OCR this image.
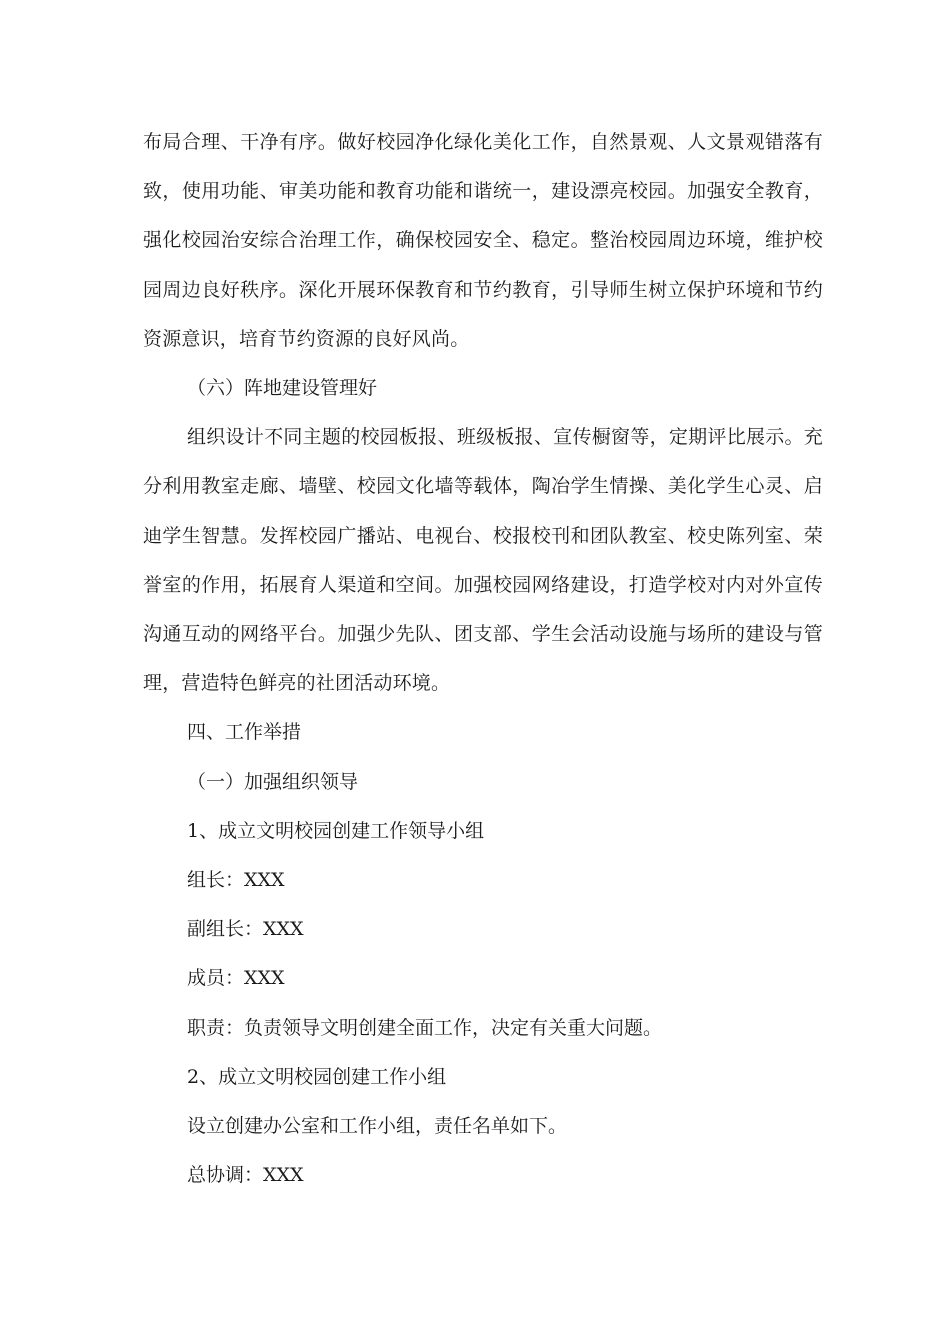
布局合理、干净有序。做好校园净化绿化美化工作，自然景观、人文景观错落有致，使用功能、审美功能和教育功能和谐统一，建设漂亮校园。加强安全教育，强化校园治安综合治理工作，确保校园安全、稳定。整治校园周边环境，维护校园周边良好秩序。深化开展环保教育和节约教育，引导师生树立保护环境和节约资源意识，培育节约资源的良好风尚。

（六）阵地建设管理好

组织设计不同主题的校园板报、班级板报、宣传橱窗等，定期评比展示。充分利用教室走廊、墙壁、校园文化墙等载体，陶冶学生情操、美化学生心灵、启迪学生智慧。发挥校园广播站、电视台、校报校刊和团队教室、校史陈列室、荣誉室的作用，拓展育人渠道和空间。加强校园网络建设，打造学校对内对外宣传沟通互动的网络平台。加强少先队、团支部、学生会活动设施与场所的建设与管理，营造特色鲜亮的社团活动环境。

四、工作举措

（一）加强组织领导

1、成立文明校园创建工作领导小组

组长：XXX

副组长：XXX

成员：XXX

职责：负责领导文明创建全面工作，决定有关重大问题。

2、成立文明校园创建工作小组

设立创建办公室和工作小组，责任名单如下。

总协调：XXX
